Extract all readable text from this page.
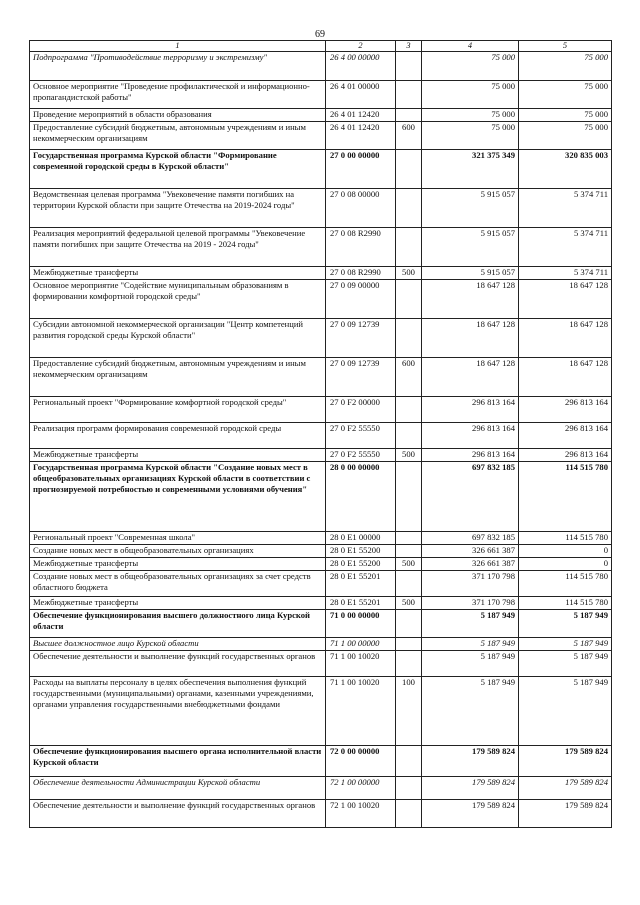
69
1	2	3	4	5
Подпрограмма "Противодействие терроризму и экстремизму"	26 4 00 00000		75 000	75 000
Основное мероприятие "Проведение профилактической и информационно-пропагандистской работы"	26 4 01 00000		75 000	75 000
Проведение мероприятий в области образования	26 4 01 12420		75 000	75 000
Предоставление субсидий бюджетным, автономным учреждениям и иным некоммерческим организациям	26 4 01 12420	600	75 000	75 000
Государственная программа Курской области "Формирование современной городской среды в Курской области"	27 0 00 00000		321 375 349	320 835 003
Ведомственная целевая программа "Увековечение памяти погибших на территории Курской области при защите Отечества на 2019-2024 годы"	27 0 08 00000		5 915 057	5 374 711
Реализация мероприятий федеральной целевой программы "Увековечение памяти погибших при защите Отечества на 2019 - 2024 годы"	27 0 08 R2990		5 915 057	5 374 711
Межбюджетные трансферты	27 0 08 R2990	500	5 915 057	5 374 711
Основное мероприятие "Содействие муниципальным образованиям в формировании комфортной городской среды"	27 0 09 00000		18 647 128	18 647 128
Субсидии автономной некоммерческой организации "Центр компетенций развития городской среды Курской области"	27 0 09 12739		18 647 128	18 647 128
Предоставление субсидий бюджетным, автономным учреждениям и иным некоммерческим организациям	27 0 09 12739	600	18 647 128	18 647 128
Региональный проект "Формирование комфортной городской среды"	27 0 F2 00000		296 813 164	296 813 164
Реализация программ формирования современной городской среды	27 0 F2 55550		296 813 164	296 813 164
Межбюджетные трансферты	27 0 F2 55550	500	296 813 164	296 813 164
Государственная программа Курской области "Создание новых мест в общеобразовательных организациях Курской области в соответствии с прогнозируемой потребностью и современными условиями обучения"	28 0 00 00000		697 832 185	114 515 780
Региональный проект "Современная школа"	28 0 E1 00000		697 832 185	114 515 780
Создание новых мест в общеобразовательных организациях	28 0 E1 55200		326 661 387	0
Межбюджетные трансферты	28 0 E1 55200	500	326 661 387	0
Создание новых мест в общеобразовательных организациях за счет средств областного бюджета	28 0 E1 55201		371 170 798	114 515 780
Межбюджетные трансферты	28 0 E1 55201	500	371 170 798	114 515 780
Обеспечение функционирования высшего должностного лица Курской области	71 0 00 00000		5 187 949	5 187 949
Высшее должностное лицо Курской области	71 1 00 00000		5 187 949	5 187 949
Обеспечение деятельности и выполнение функций государственных органов	71 1 00 10020		5 187 949	5 187 949
Расходы на выплаты персоналу в целях обеспечения выполнения функций государственными (муниципальными) органами, казенными учреждениями, органами управления государственными внебюджетными фондами	71 1 00 10020	100	5 187 949	5 187 949
Обеспечение функционирования высшего органа исполнительной власти Курской области	72 0 00 00000		179 589 824	179 589 824
Обеспечение деятельности Администрации Курской области	72 1 00 00000		179 589 824	179 589 824
Обеспечение деятельности и выполнение функций государственных органов	72 1 00 10020		179 589 824	179 589 824
